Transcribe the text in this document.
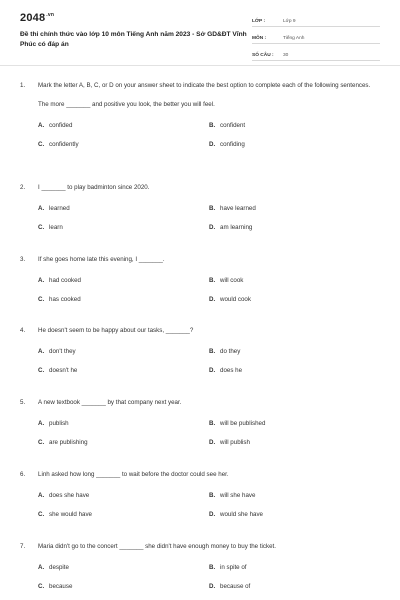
$2048^{.vn}$
Đề thi chính thức vào lớp 10 môn Tiếng Anh năm 2023 - Sở GD&ĐT Vĩnh Phúc có đáp án
LỚP :	Lớp 9
MÔN :	Tiếng Anh
SỐ CÂU :	30
1.	Mark the letter A, B, C, or D on your answer sheet to indicate the best option to complete each of the following sentences.
The more _______ and positive you look, the better you will feel.
A. confided	B. confident
C. confidently	D. confiding
2.	I _______ to play badminton since 2020.
A. learned	B. have learned
C. learn	D. am learning
3.	If she goes home late this evening, I _______.
A. had cooked	B. will cook
C. has cooked	D. would cook
4.	He doesn't seem to be happy about our tasks, _______?
A. don't they	B. do they
C. doesn't he	D. does he
5.	A new textbook _______ by that company next year.
A. publish	B. will be published
C. are publishing	D. will publish
6.	Linh asked how long _______ to wait before the doctor could see her.
A. does she have	B. will she have
C. she would have	D. would she have
7.	Maria didn't go to the concert _______ she didn't have enough money to buy the ticket.
A. despite	B. in spite of
C. because	D. because of
